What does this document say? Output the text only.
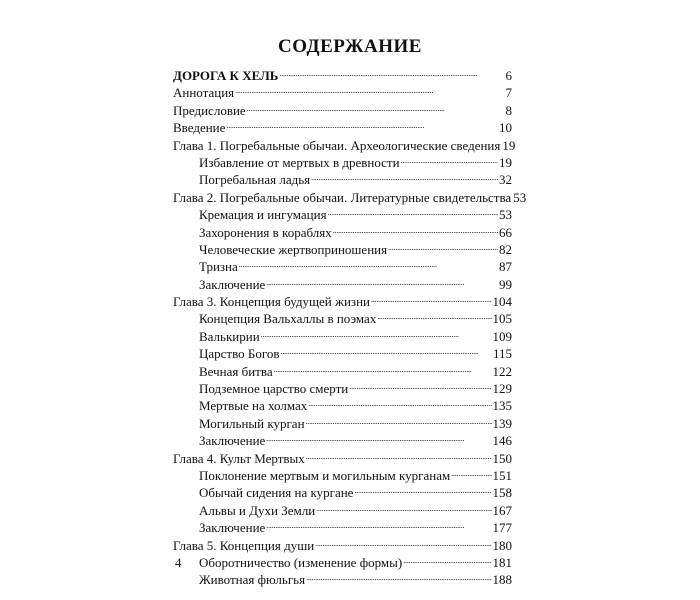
СОДЕРЖАНИЕ
ДОРОГА К ХЕЛЬ . . .	6
Аннотация . . .	7
Предисловие . . .	8
Введение . . .	10
Глава 1. Погребальные обычаи. Археологические сведения 19
Избавление от мертвых в древности . . .	19
Погребальная ладья . . .	32
Глава 2. Погребальные обычаи. Литературные свидетельства 53
Кремация и ингумация . . .	53
Захоронения в кораблях . . .	66
Человеческие жертвоприношения . . .	82
Тризна . . .	87
Заключение . . .	99
Глава 3. Концепция будущей жизни . . .	104
Концепция Вальхаллы в поэмах . . .	105
Валькирии . . .	109
Царство Богов . . .	115
Вечная битва . . .	122
Подземное царство смерти . . .	129
Мертвые на холмах . . .	135
Могильный курган . . .	139
Заключение . . .	146
Глава 4. Культ Мертвых . . .	150
Поклонение мертвым и могильным курганам . . .	151
Обычай сидения на кургане . . .	158
Альвы и Духи Земли . . .	167
Заключение . . .	177
Глава 5. Концепция души . . .	180
Оборотничество (изменение формы) . . .	181
Животная фюльгья . . .	188
4
